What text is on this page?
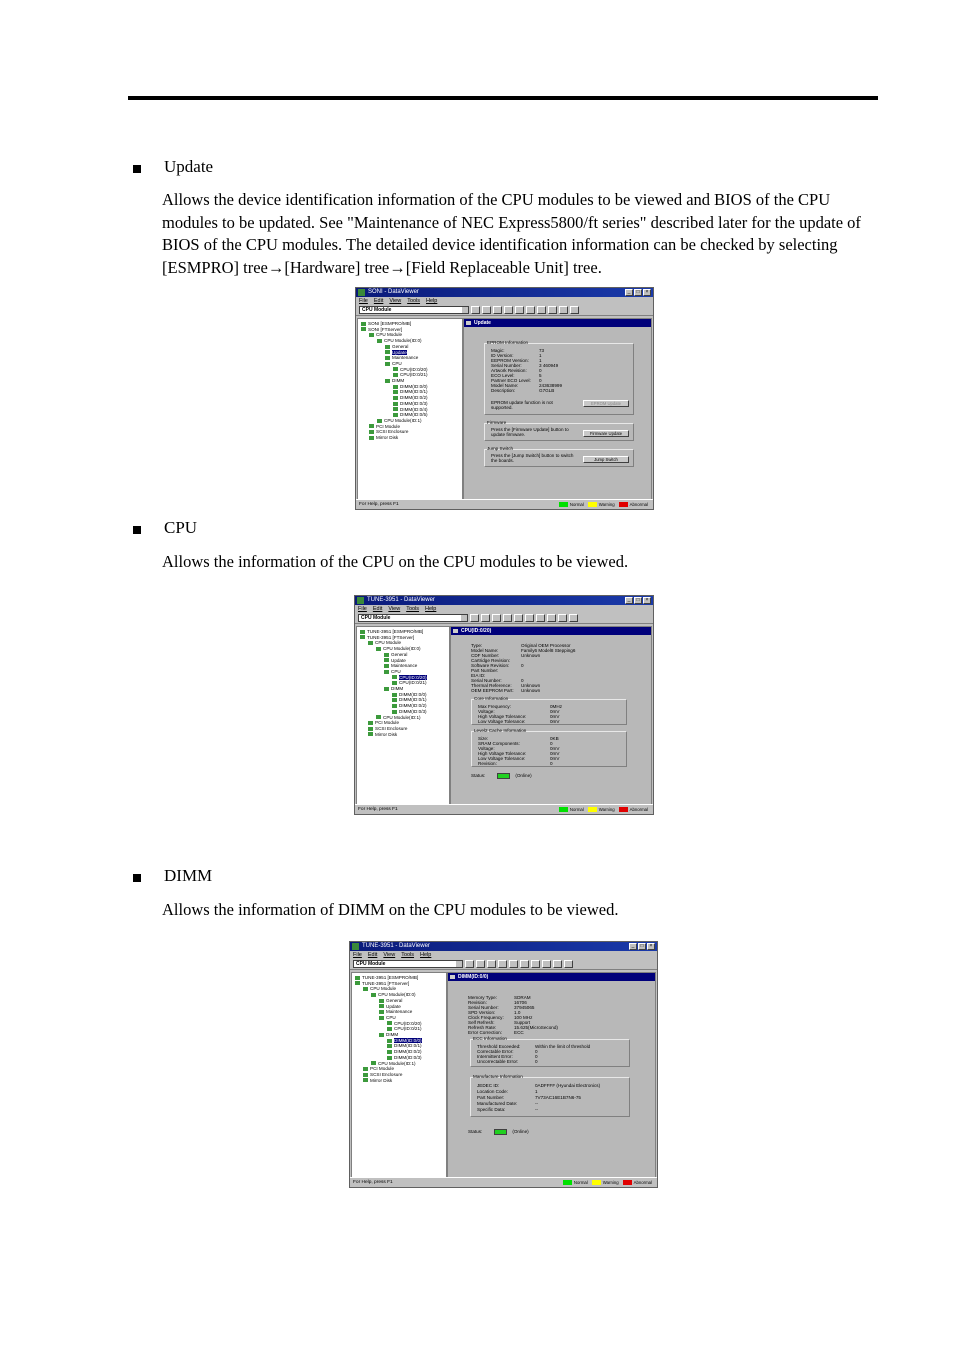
Update

Allows the device identification information of the CPU modules to be viewed and BIOS of the CPU modules to be updated. See "Maintenance of NEC Express5800/ft series" described later for the update of BIOS of the CPU modules. The detailed device identification information can be checked by selecting [ESMPRO] tree→[Hardware] tree→[Field Replaceable Unit] tree.

SONI - DataViewer	_	□	×
File Edit View Tools Help
CPU Module
SONI [ESMPRO/MB]
SONI [FTServer]
CPU Module
CPU Module(ID:0)
General
Update
Maintenance
CPU
CPU(ID:0/20)
CPU(ID:0/21)
DIMM
DIMM(ID:0/0)
DIMM(ID:0/1)
DIMM(ID:0/2)
DIMM(ID:0/3)
DIMM(ID:0/4)
DIMM(ID:0/5)
CPU Module(ID:1)
PCI Module
SCSI Enclosure
Mirror Disk
Update
EPROM Information
Magic:	73
ID Version:	1
EEPROM Version: 1
Serial Number:	3 460949
Artwork Revision:	0
ECO Level:	5
Partner ECO Level: 0
Model Name:	243638999
Description:	G7GLB
EPROM update function is not supported.
EPROM Update
Firmware
Press the [Firmware Update] button to update firmware.	Firmware Update
Jump Switch
Press the [Jump Switch] button to switch the boards.	Jump Switch
For Help, press F1	Normal	Warning	Abnormal
CPU

Allows the information of the CPU on the CPU modules to be viewed.

TUNE-3951 - DataViewer	_	□	×
File Edit View Tools Help
CPU Module
TUNE-3951 [ESMPRO/MB]
TUNE-3951 [FTServer]
CPU Module
CPU Module(ID:0)
General
Update
Maintenance
CPU
CPU(ID:0/20)
CPU(ID:0/21)
DIMM
DIMM(ID:0/0)
DIMM(ID:0/1)
DIMM(ID:0/2)
DIMM(ID:0/3)
CPU Module(ID:1)
PCI Module
SCSI Enclosure
Mirror Disk
CPU(ID:0/20)
Type:	Original OEM Processor
Model Name:	Family6 Model8 Stepping6
CDF Number:	Unknown
Cartridge Revision:
Software Revision:	0
Part Number:
EIA ID:
Serial Number:	0
Thermal Reference: Unknown
OEM EEPROM Part: Unknown
Core Information
Max Frequency:	0MHz
Voltage:	0mV
High Voltage Tolerance:	0mV
Low Voltage Tolerance:	0mV
Level2 Cache Information
Size:	0KB
SRAM Components:	0
Voltage:	0mV
High Voltage Tolerance:	0mV
Low Voltage Tolerance:	0mV
Revision:	0
Status:	(Online)
For Help, press F1	Normal	Warning	Abnormal
DIMM

Allows the information of DIMM on the CPU modules to be viewed.

TUNE-3951 - DataViewer	_	□	×
File Edit View Tools Help
CPU Module
TUNE-3951 [ESMPRO/MB]
TUNE-3951 [FTServer]
CPU Module
CPU Module(ID:0)
General
Update
Maintenance
CPU
CPU(ID:0/20)
CPU(ID:0/21)
DIMM
DIMM(ID:0/0)
DIMM(ID:0/1)
DIMM(ID:0/2)
DIMM(ID:0/3)
CPU Module(ID:1)
PCI Module
SCSI Enclosure
Mirror Disk
DIMM(ID:0/0)
Memory Type:	SDRAM
Revision:	16706
Serial Number:	37945065
SPD Version:	1.0
Clock Frequency: 100 MHz
Self Refresh:	Support
Refresh Rate:	15.625(MicroSecond)
Error Correction:	ECC
ECC Information
Threshold Exceeded:	Within the limit of threshold
Correctable Error:	0
Intermittent Error:	0
Uncorrectable Error:	0
Manufacture Information
JEDEC ID:	0ADFFFF (Hyundai Electronics)
Location Code:	1
Part Number:	7V73AC16E1B7N6-75
Manufactured Date:	--
Specific Data:	--
Status:	(Online)
For Help, press F1	Normal	Warning	Abnormal
